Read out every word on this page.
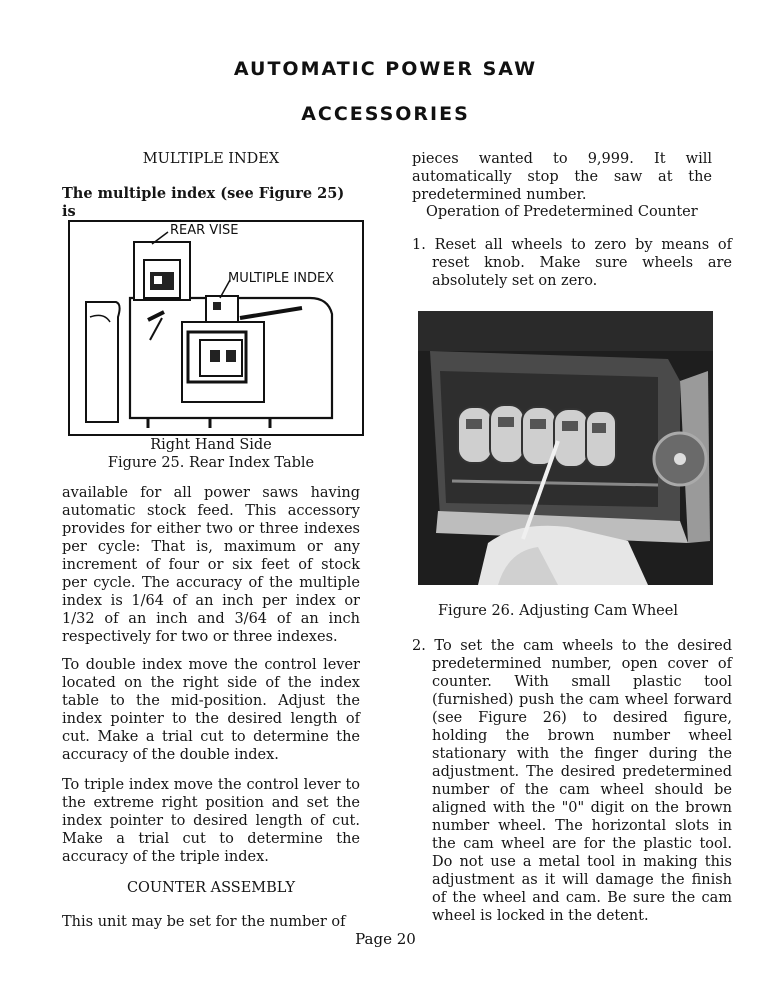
AUTOMATIC POWER SAW
ACCESSORIES
MULTIPLE INDEX
The multiple index (see Figure 25) is
REAR VISE
MULTIPLE INDEX
Right Hand Side
Figure 25. Rear Index Table
available for all power saws having automatic stock feed. This accessory provides for either two or three indexes per cycle: That is, maximum or any increment of four or six feet of stock per cycle. The accuracy of the multiple index is 1/64 of an inch per index or 1/32 of an inch and 3/64 of an inch respectively for two or three indexes.
To double index move the control lever located on the right side of the index table to the mid-position. Adjust the index pointer to the desired length of cut. Make a trial cut to determine the accuracy of the double index.
To triple index move the control lever to the extreme right position and set the index pointer to desired length of cut. Make a trial cut to determine the accuracy of the triple index.
COUNTER ASSEMBLY
This unit may be set for the number of
pieces wanted to 9,999. It will automatically stop the saw at the predetermined number.
Operation of Predetermined Counter
1. Reset all wheels to zero by means of reset knob. Make sure wheels are absolutely set on zero.
Figure 26. Adjusting Cam Wheel
2. To set the cam wheels to the desired predetermined number, open cover of counter. With small plastic tool (furnished) push the cam wheel forward (see Figure 26) to desired figure, holding the brown number wheel stationary with the finger during the adjustment. The desired predetermined number of the cam wheel should be aligned with the "0" digit on the brown number wheel. The horizontal slots in the cam wheel are for the plastic tool. Do not use a metal tool in making this adjustment as it will damage the finish of the wheel and cam. Be sure the cam wheel is locked in the detent.
Page 20
